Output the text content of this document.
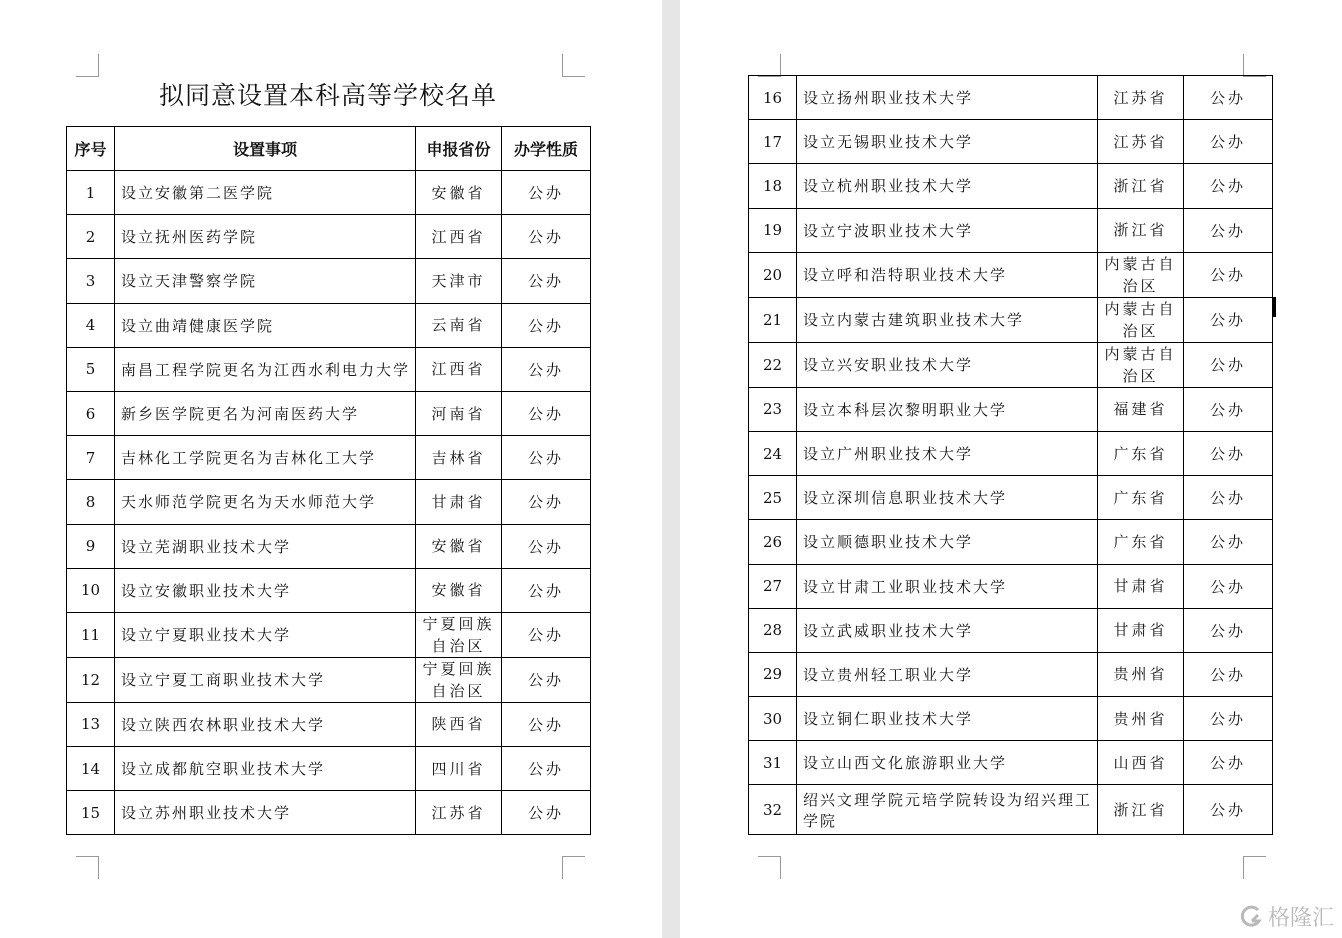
拟同意设置本科高等学校名单
序号	设置事项	申报省份	办学性质
1	设立安徽第二医学院	安徽省	公办
2	设立抚州医药学院	江西省	公办
3	设立天津警察学院	天津市	公办
4	设立曲靖健康医学院	云南省	公办
5	南昌工程学院更名为江西水利电力大学	江西省	公办
6	新乡医学院更名为河南医药大学	河南省	公办
7	吉林化工学院更名为吉林化工大学	吉林省	公办
8	天水师范学院更名为天水师范大学	甘肃省	公办
9	设立芜湖职业技术大学	安徽省	公办
10	设立安徽职业技术大学	安徽省	公办
11	设立宁夏职业技术大学	宁夏回族自治区	公办
12	设立宁夏工商职业技术大学	宁夏回族自治区	公办
13	设立陕西农林职业技术大学	陕西省	公办
14	设立成都航空职业技术大学	四川省	公办
15	设立苏州职业技术大学	江苏省	公办
16	设立扬州职业技术大学	江苏省	公办
17	设立无锡职业技术大学	江苏省	公办
18	设立杭州职业技术大学	浙江省	公办
19	设立宁波职业技术大学	浙江省	公办
20	设立呼和浩特职业技术大学	内蒙古自治区	公办
21	设立内蒙古建筑职业技术大学	内蒙古自治区	公办
22	设立兴安职业技术大学	内蒙古自治区	公办
23	设立本科层次黎明职业大学	福建省	公办
24	设立广州职业技术大学	广东省	公办
25	设立深圳信息职业技术大学	广东省	公办
26	设立顺德职业技术大学	广东省	公办
27	设立甘肃工业职业技术大学	甘肃省	公办
28	设立武威职业技术大学	甘肃省	公办
29	设立贵州轻工职业大学	贵州省	公办
30	设立铜仁职业技术大学	贵州省	公办
31	设立山西文化旅游职业大学	山西省	公办
32	绍兴文理学院元培学院转设为绍兴理工学院	浙江省	公办
格隆汇
